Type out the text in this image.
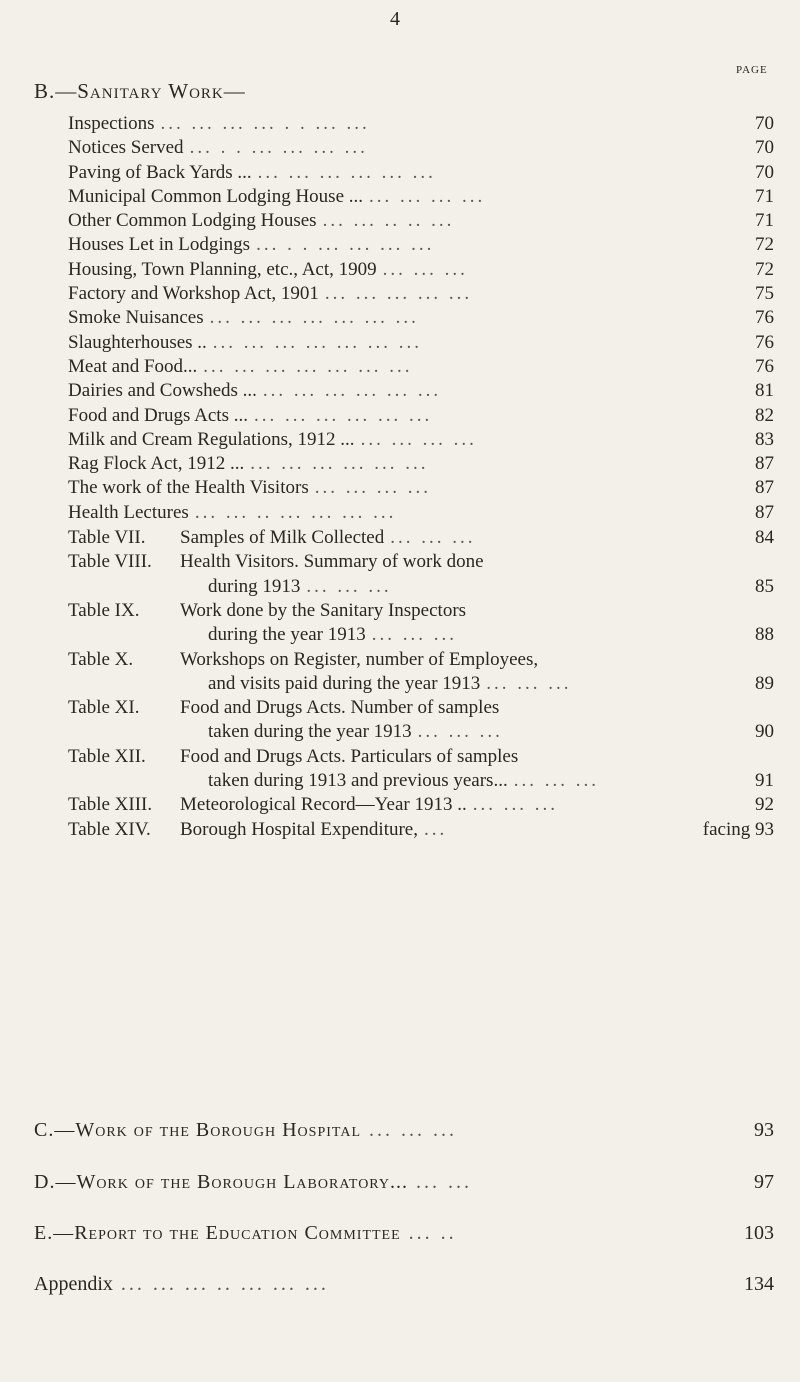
4
PAGE
B.—Sanitary Work—
Inspections ... ... ... ... . . ... ...	70
Notices Served ... . . ... ... ... ...	70
Paving of Back Yards ... ... ... ... ... ... ...	70
Municipal Common Lodging House ... ... ... ... ...	71
Other Common Lodging Houses ... ... .. .. ...	71
Houses Let in Lodgings ... . . ... ... ... ...	72
Housing, Town Planning, etc., Act, 1909 ... ... ...	72
Factory and Workshop Act, 1901 ... ... ... ... ...	75
Smoke Nuisances ... ... ... ... ... ... ...	76
Slaughterhouses .. ... ... ... ... ... ... ...	76
Meat and Food... ... ... ... ... ... ... ...	76
Dairies and Cowsheds ... ... ... ... ... ... ...	81
Food and Drugs Acts ... ... ... ... ... ... ...	82
Milk and Cream Regulations, 1912 ... ... ... ... ...	83
Rag Flock Act, 1912 ... ... ... ... ... ... ...	87
The work of the Health Visitors ... ... ... ...	87
Health Lectures ... ... .. ... ... ... ...	87
Table VII.	Samples of Milk Collected ... ... ...	84
Table VIII.	Health Visitors. Summary of work done
during 1913 ... ... ...	85
Table IX.	Work done by the Sanitary Inspectors
during the year 1913 ... ... ...	88
Table X.	Workshops on Register, number of Employees,
and visits paid during the year 1913 ... ... ...	89
Table XI.	Food and Drugs Acts. Number of samples
taken during the year 1913 ... ... ...	90
Table XII.	Food and Drugs Acts. Particulars of samples
taken during 1913 and previous years... ... ... ...	91
Table XIII.	Meteorological Record—Year 1913 .. ... ... ...	92
Table XIV.	Borough Hospital Expenditure, ...	facing 93
C.—Work of the Borough Hospital ... ... ...	93
D.—Work of the Borough Laboratory... ... ...	97
E.—Report to the Education Committee ... ..	103
Appendix ... ... ... .. ... ... ...	134
